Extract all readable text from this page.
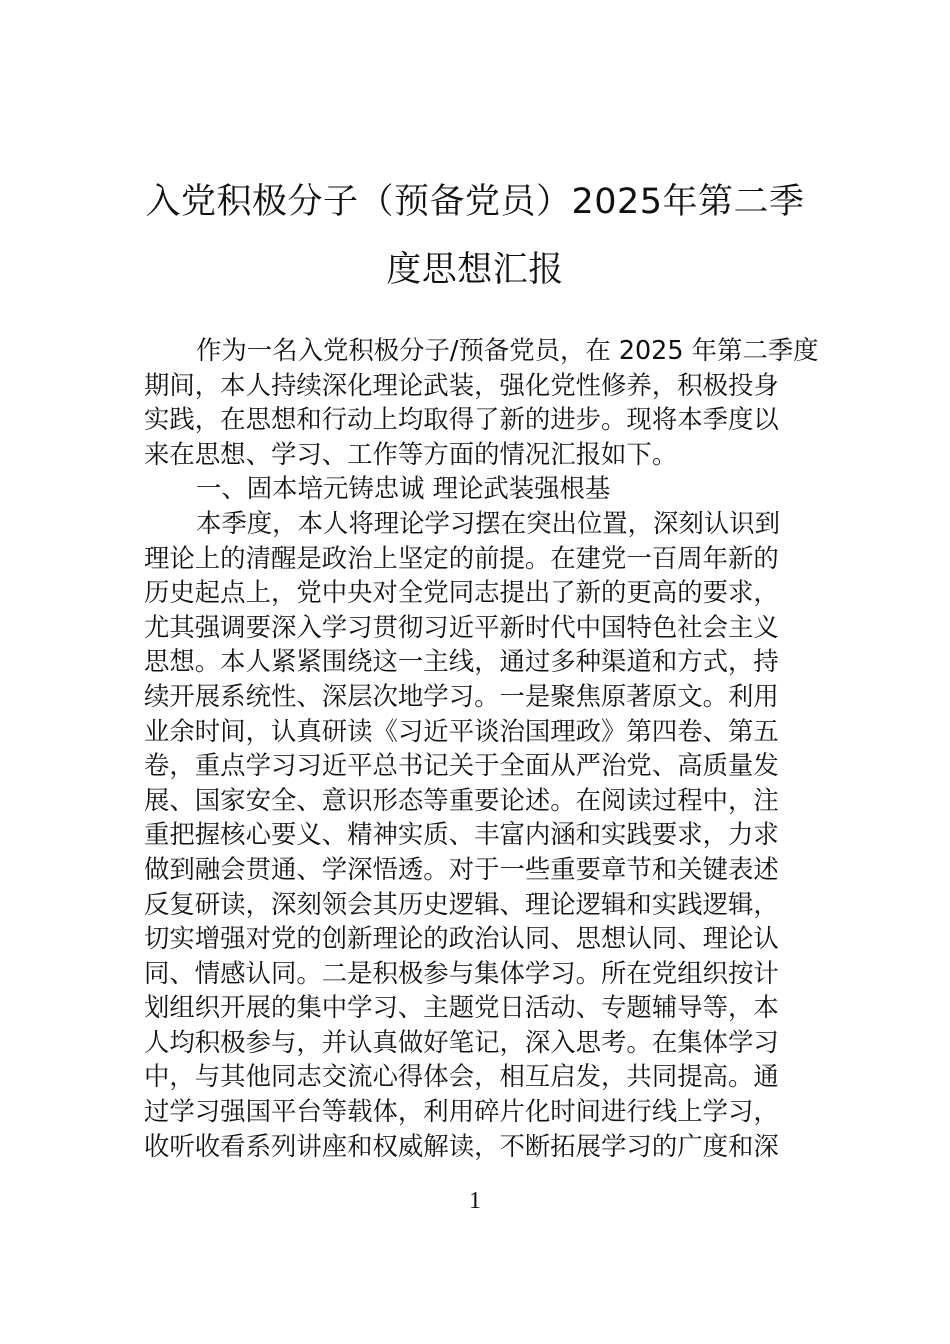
入党积极分子（预备党员）2025年第二季
度思想汇报
作为一名入党积极分子/预备党员，在 2025 年第二季度
期间，本人持续深化理论武装，强化党性修养，积极投身
实践，在思想和行动上均取得了新的进步。现将本季度以
来在思想、学习、工作等方面的情况汇报如下。
一、固本培元铸忠诚 理论武装强根基
本季度，本人将理论学习摆在突出位置，深刻认识到
理论上的清醒是政治上坚定的前提。在建党一百周年新的
历史起点上，党中央对全党同志提出了新的更高的要求，
尤其强调要深入学习贯彻习近平新时代中国特色社会主义
思想。本人紧紧围绕这一主线，通过多种渠道和方式，持
续开展系统性、深层次地学习。一是聚焦原著原文。利用
业余时间，认真研读《习近平谈治国理政》第四卷、第五
卷，重点学习习近平总书记关于全面从严治党、高质量发
展、国家安全、意识形态等重要论述。在阅读过程中，注
重把握核心要义、精神实质、丰富内涵和实践要求，力求
做到融会贯通、学深悟透。对于一些重要章节和关键表述
反复研读，深刻领会其历史逻辑、理论逻辑和实践逻辑，
切实增强对党的创新理论的政治认同、思想认同、理论认
同、情感认同。二是积极参与集体学习。所在党组织按计
划组织开展的集中学习、主题党日活动、专题辅导等，本
人均积极参与，并认真做好笔记，深入思考。在集体学习
中，与其他同志交流心得体会，相互启发，共同提高。通
过学习强国平台等载体，利用碎片化时间进行线上学习，
收听收看系列讲座和权威解读，不断拓展学习的广度和深
1
